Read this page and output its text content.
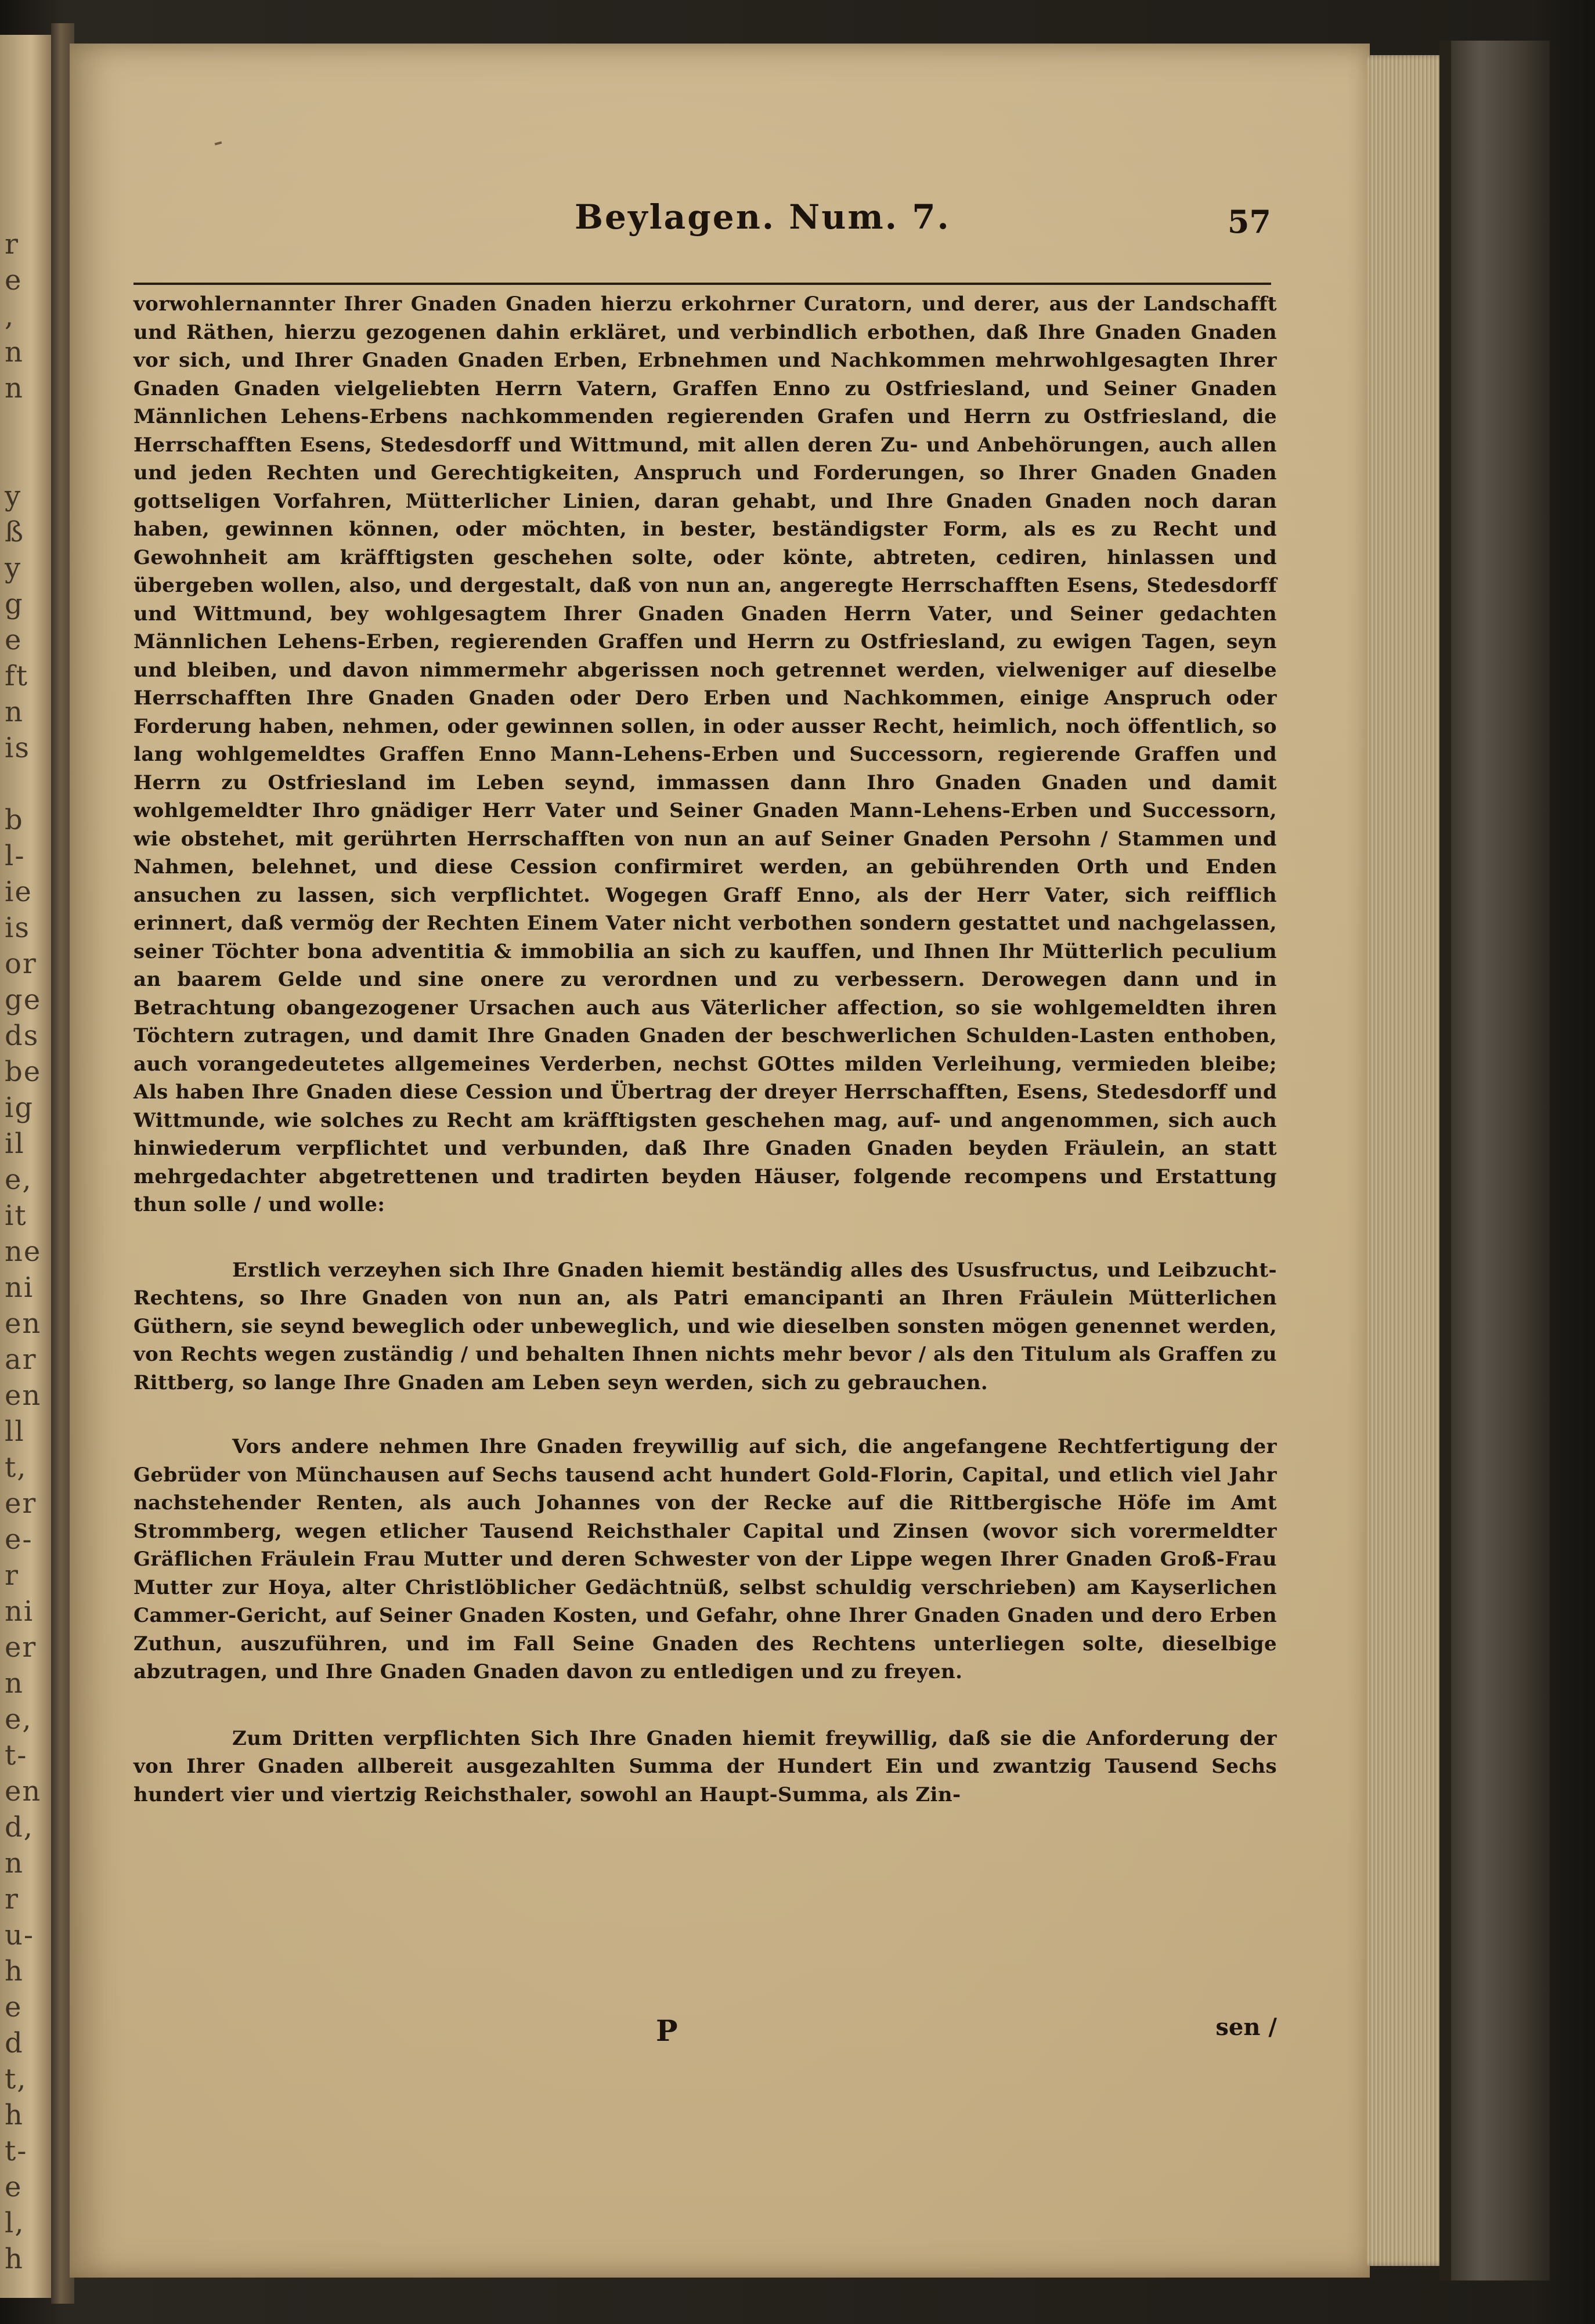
r
e
,
n
n

y
ß
y
g
e
ft
n
is

b
l-
ie
is
or
ge
ds
be
ig
il
e,
it
ne
ni
en
ar
en
ll
t,
er
e-
r
ni
er
n
e,
t-
en
d,
n
r
u-
h
e
d
t,
h
t-
e
l,
h
Beylagen. Num. 7.	57

vorwohlernannter Ihrer Gnaden Gnaden hierzu erkohrner Curatorn, und derer, aus der Landschafft und Räthen, hierzu gezogenen dahin erkläret, und verbindlich erbothen, daß Ihre Gnaden Gnaden vor sich, und Ihrer Gnaden Gnaden Erben, Erbnehmen und Nachkommen mehrwohlgesagten Ihrer Gnaden Gnaden vielgeliebten Herrn Vatern, Graffen Enno zu Ostfriesland, und Seiner Gnaden Männlichen Lehens-Erbens nachkommenden regierenden Grafen und Herrn zu Ostfriesland, die Herrschafften Esens, Stedesdorff und Wittmund, mit allen deren Zu- und Anbehörungen, auch allen und jeden Rechten und Gerechtigkeiten, Anspruch und Forderungen, so Ihrer Gnaden Gnaden gottseligen Vorfahren, Mütterlicher Linien, daran gehabt, und Ihre Gnaden Gnaden noch daran haben, gewinnen können, oder möchten, in bester, beständigster Form, als es zu Recht und Gewohnheit am kräfftigsten geschehen solte, oder könte, abtreten, cediren, hinlassen und übergeben wollen, also, und dergestalt, daß von nun an, angeregte Herrschafften Esens, Stedesdorff und Wittmund, bey wohlgesagtem Ihrer Gnaden Gnaden Herrn Vater, und Seiner gedachten Männlichen Lehens-Erben, regierenden Graffen und Herrn zu Ostfriesland, zu ewigen Tagen, seyn und bleiben, und davon nimmermehr abgerissen noch getrennet werden, vielweniger auf dieselbe Herrschafften Ihre Gnaden Gnaden oder Dero Erben und Nachkommen, einige Anspruch oder Forderung haben, nehmen, oder gewinnen sollen, in oder ausser Recht, heimlich, noch öffentlich, so lang wohlgemeldtes Graffen Enno Mann-Lehens-Erben und Successorn, regierende Graffen und Herrn zu Ostfriesland im Leben seynd, immassen dann Ihro Gnaden Gnaden und damit wohlgemeldter Ihro gnädiger Herr Vater und Seiner Gnaden Mann-Lehens-Erben und Successorn, wie obstehet, mit gerührten Herrschafften von nun an auf Seiner Gnaden Persohn / Stammen und Nahmen, belehnet, und diese Cession confirmiret werden, an gebührenden Orth und Enden ansuchen zu lassen, sich verpflichtet. Wogegen Graff Enno, als der Herr Vater, sich reifflich erinnert, daß vermög der Rechten Einem Vater nicht verbothen sondern gestattet und nachgelassen, seiner Töchter bona adventitia & immobilia an sich zu kauffen, und Ihnen Ihr Mütterlich peculium an baarem Gelde und sine onere zu verordnen und zu verbessern. Derowegen dann und in Betrachtung obangezogener Ursachen auch aus Väterlicher affection, so sie wohlgemeldten ihren Töchtern zutragen, und damit Ihre Gnaden Gnaden der beschwerlichen Schulden-Lasten enthoben, auch vorangedeutetes allgemeines Verderben, nechst GOttes milden Verleihung, vermieden bleibe; Als haben Ihre Gnaden diese Cession und Übertrag der dreyer Herrschafften, Esens, Stedesdorff und Wittmunde, wie solches zu Recht am kräfftigsten geschehen mag, auf- und angenommen, sich auch hinwiederum verpflichtet und verbunden, daß Ihre Gnaden Gnaden beyden Fräulein, an statt mehrgedachter abgetrettenen und tradirten beyden Häuser, folgende recompens und Erstattung thun solle / und wolle:

Erstlich verzeyhen sich Ihre Gnaden hiemit beständig alles des Ususfructus, und Leibzucht-Rechtens, so Ihre Gnaden von nun an, als Patri emancipanti an Ihren Fräulein Mütterlichen Güthern, sie seynd beweglich oder unbeweglich, und wie dieselben sonsten mögen genennet werden, von Rechts wegen zuständig / und behalten Ihnen nichts mehr bevor / als den Titulum als Graffen zu Rittberg, so lange Ihre Gnaden am Leben seyn werden, sich zu gebrauchen.

Vors andere nehmen Ihre Gnaden freywillig auf sich, die angefangene Rechtfertigung der Gebrüder von Münchausen auf Sechs tausend acht hundert Gold-Florin, Capital, und etlich viel Jahr nachstehender Renten, als auch Johannes von der Recke auf die Rittbergische Höfe im Amt Strommberg, wegen etlicher Tausend Reichsthaler Capital und Zinsen (wovor sich vorermeldter Gräflichen Fräulein Frau Mutter und deren Schwester von der Lippe wegen Ihrer Gnaden Groß-Frau Mutter zur Hoya, alter Christlöblicher Gedächtnüß, selbst schuldig verschrieben) am Kayserlichen Cammer-Gericht, auf Seiner Gnaden Kosten, und Gefahr, ohne Ihrer Gnaden Gnaden und dero Erben Zuthun, auszuführen, und im Fall Seine Gnaden des Rechtens unterliegen solte, dieselbige abzutragen, und Ihre Gnaden Gnaden davon zu entledigen und zu freyen.

Zum Dritten verpflichten Sich Ihre Gnaden hiemit freywillig, daß sie die Anforderung der von Ihrer Gnaden allbereit ausgezahlten Summa der Hundert Ein und zwantzig Tausend Sechs hundert vier und viertzig Reichsthaler, sowohl an Haupt-Summa, als Zin-

P	sen /
